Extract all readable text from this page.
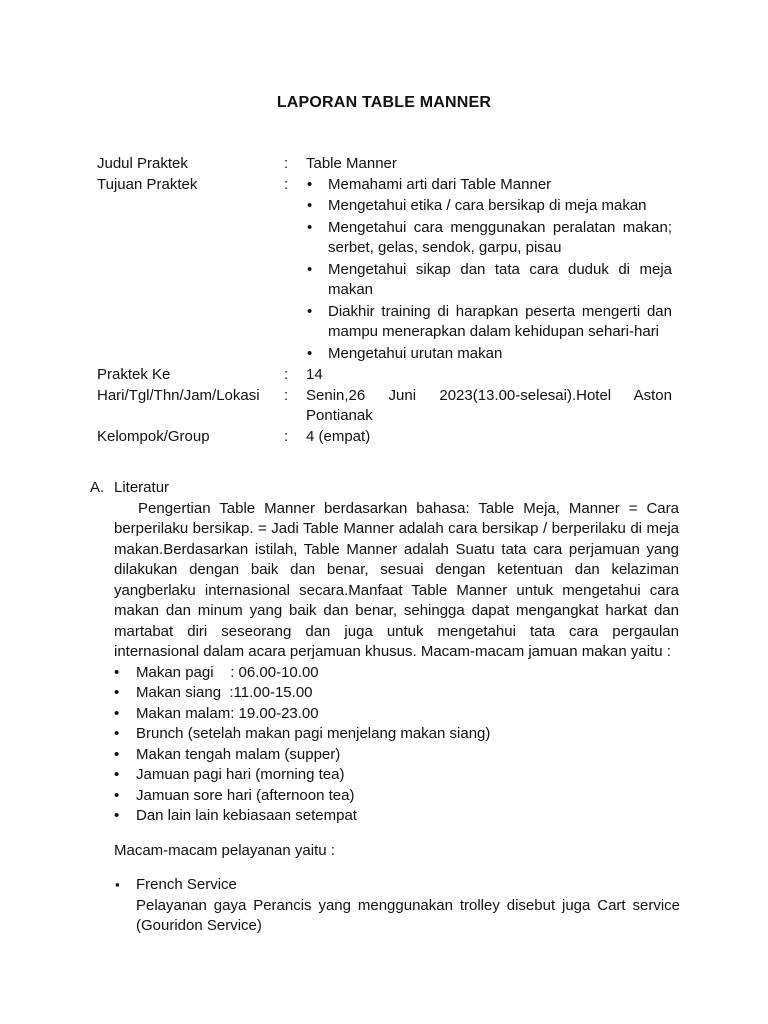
LAPORAN TABLE MANNER
Judul Praktek	:	Table Manner
Tujuan Praktek	:
•	Memahami arti dari Table Manner
• Mengetahui etika / cara bersikap di meja makan
• Mengetahui cara menggunakan peralatan makan; serbet, gelas, sendok, garpu, pisau
• Mengetahui sikap dan tata cara duduk di meja makan
• Diakhir training di harapkan peserta mengerti dan mampu menerapkan dalam kehidupan sehari-hari
• Mengetahui urutan makan
Praktek Ke	:	14
Hari/Tgl/Thn/Jam/Lokasi	:	Senin,26 Juni 2023(13.00-selesai).Hotel Aston
Pontianak
Kelompok/Group	:	4 (empat)
A. Literatur
Pengertian Table Manner berdasarkan bahasa: Table Meja, Manner = Cara berperilaku bersikap. = Jadi Table Manner adalah cara bersikap / berperilaku di meja makan.Berdasarkan istilah, Table Manner adalah Suatu tata cara perjamuan yang dilakukan dengan baik dan benar, sesuai dengan ketentuan dan kelaziman yangberlaku internasional secara.Manfaat Table Manner untuk mengetahui cara makan dan minum yang baik dan benar, sehingga dapat mengangkat harkat dan martabat diri seseorang dan juga untuk mengetahui tata cara pergaulan internasional dalam acara perjamuan khusus. Macam-macam jamuan makan yaitu :
• Makan pagi    : 06.00-10.00
• Makan siang  :11.00-15.00
• Makan malam: 19.00-23.00
• Brunch (setelah makan pagi menjelang makan siang)
• Makan tengah malam (supper)
• Jamuan pagi hari (morning tea)
• Jamuan sore hari (afternoon tea)
• Dan lain lain kebiasaan setempat
Macam-macam pelayanan yaitu :
▪ French Service
Pelayanan gaya Perancis yang menggunakan trolley disebut juga Cart service (Gouridon Service)
